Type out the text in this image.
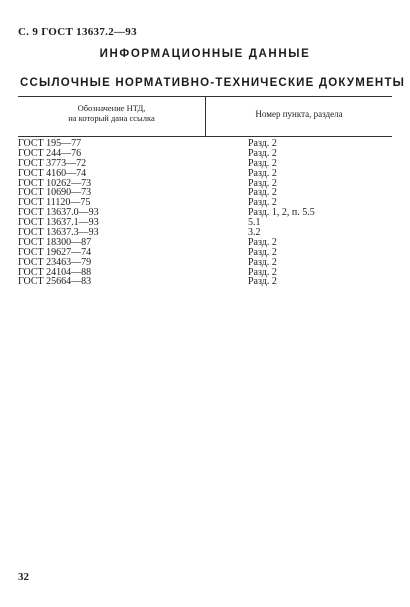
С. 9 ГОСТ 13637.2—93
ИНФОРМАЦИОННЫЕ ДАННЫЕ
ССЫЛОЧНЫЕ НОРМАТИВНО-ТЕХНИЧЕСКИЕ ДОКУМЕНТЫ
Обозначение НТД,
на который дана ссылка	Номер пункта, раздела
ГОСТ 195—77
ГОСТ 244—76
ГОСТ 3773—72
ГОСТ 4160—74
ГОСТ 10262—73
ГОСТ 10690—73
ГОСТ 11120—75
ГОСТ 13637.0—93
ГОСТ 13637.1—93
ГОСТ 13637.3—93
ГОСТ 18300—87
ГОСТ 19627—74
ГОСТ 23463—79
ГОСТ 24104—88
ГОСТ 25664—83
Разд. 2
Разд. 2
Разд. 2
Разд. 2
Разд. 2
Разд. 2
Разд. 2
Разд. 1, 2, п. 5.5
5.1
3.2
Разд. 2
Разд. 2
Разд. 2
Разд. 2
Разд. 2
32
